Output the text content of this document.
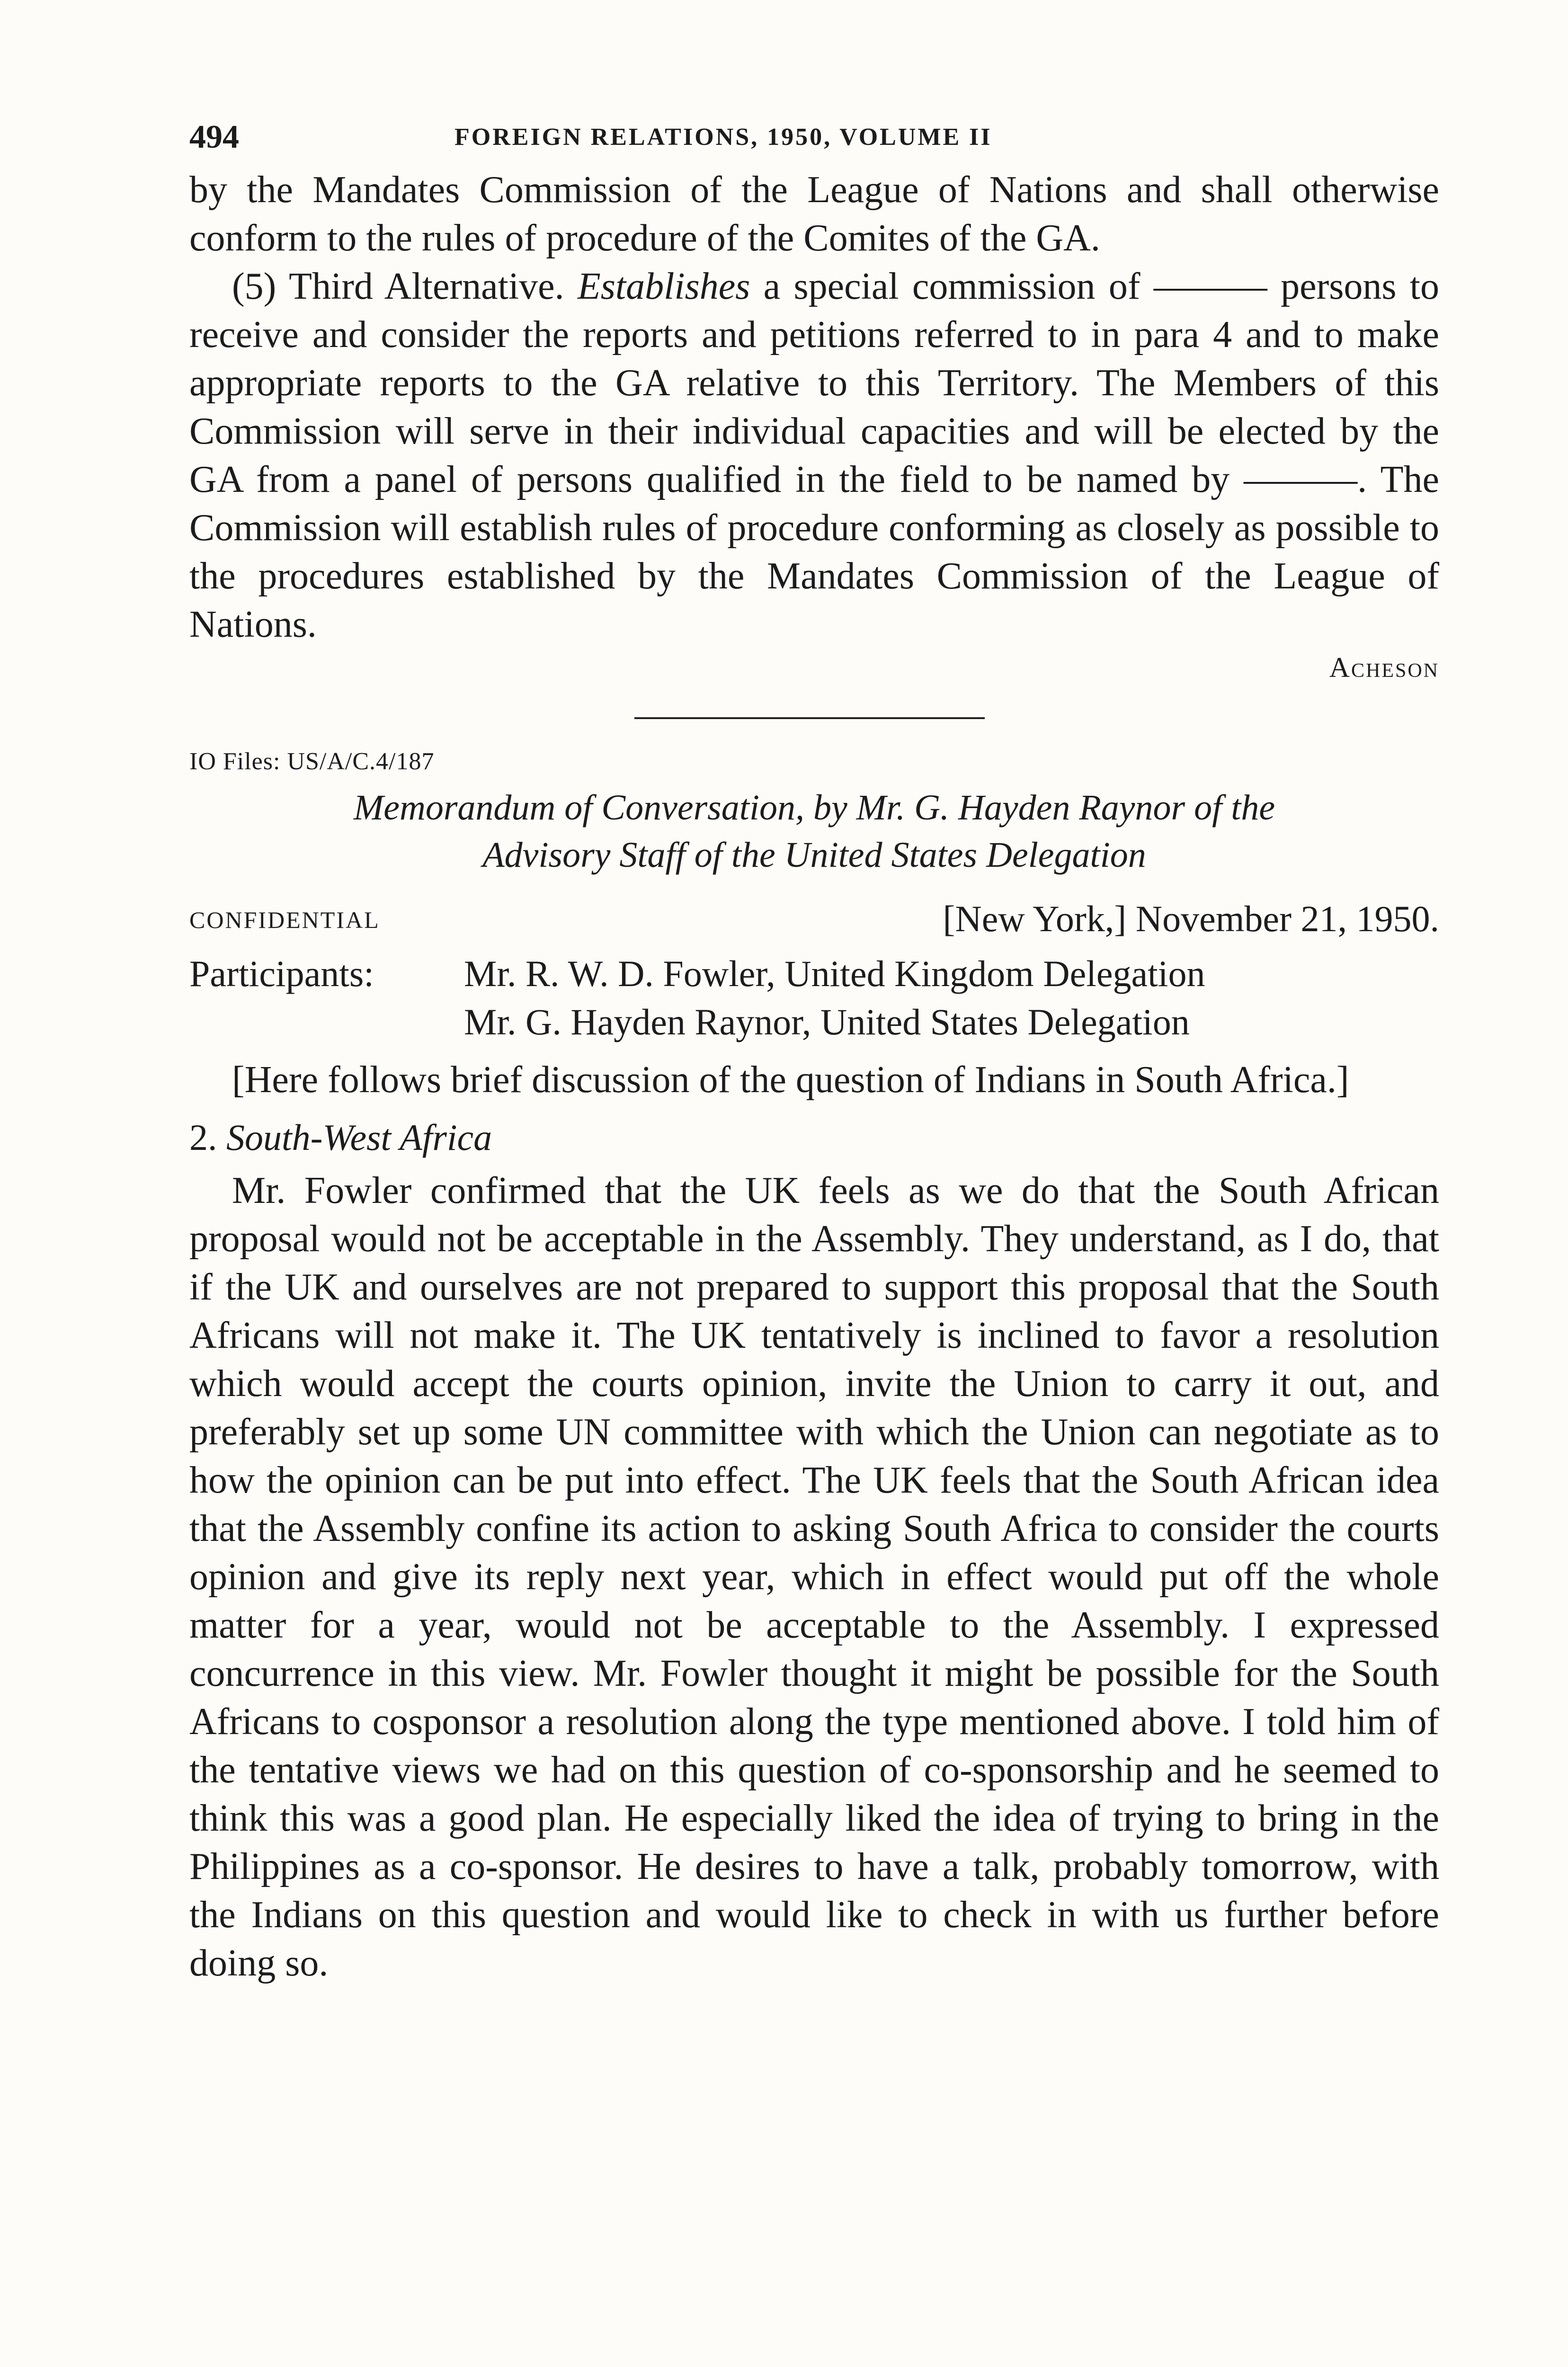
494	FOREIGN RELATIONS, 1950, VOLUME II

by the Mandates Commission of the League of Nations and shall otherwise conform to the rules of procedure of the Comites of the GA.

(5) Third Alternative. Establishes a special commission of ——— persons to receive and consider the reports and petitions referred to in para 4 and to make appropriate reports to the GA relative to this Territory. The Members of this Commission will serve in their individual capacities and will be elected by the GA from a panel of persons qualified in the field to be named by ———. The Commission will establish rules of procedure conforming as closely as possible to the procedures established by the Mandates Commission of the League of Nations.

Acheson
IO Files: US/A/C.4/187
Memorandum of Conversation, by Mr. G. Hayden Raynor of the
Advisory Staff of the United States Delegation
CONFIDENTIAL	[New York,] November 21, 1950.
Participants:	Mr. R. W. D. Fowler, United Kingdom Delegation
Mr. G. Hayden Raynor, United States Delegation

[Here follows brief discussion of the question of Indians in South Africa.]

2. South-West Africa

Mr. Fowler confirmed that the UK feels as we do that the South African proposal would not be acceptable in the Assembly. They understand, as I do, that if the UK and ourselves are not prepared to support this proposal that the South Africans will not make it. The UK tentatively is inclined to favor a resolution which would accept the courts opinion, invite the Union to carry it out, and preferably set up some UN committee with which the Union can negotiate as to how the opinion can be put into effect. The UK feels that the South African idea that the Assembly confine its action to asking South Africa to consider the courts opinion and give its reply next year, which in effect would put off the whole matter for a year, would not be acceptable to the Assembly. I expressed concurrence in this view. Mr. Fowler thought it might be possible for the South Africans to cosponsor a resolution along the type mentioned above. I told him of the tentative views we had on this question of co-sponsorship and he seemed to think this was a good plan. He especially liked the idea of trying to bring in the Philippines as a co-sponsor. He desires to have a talk, probably tomorrow, with the Indians on this question and would like to check in with us further before doing so.
